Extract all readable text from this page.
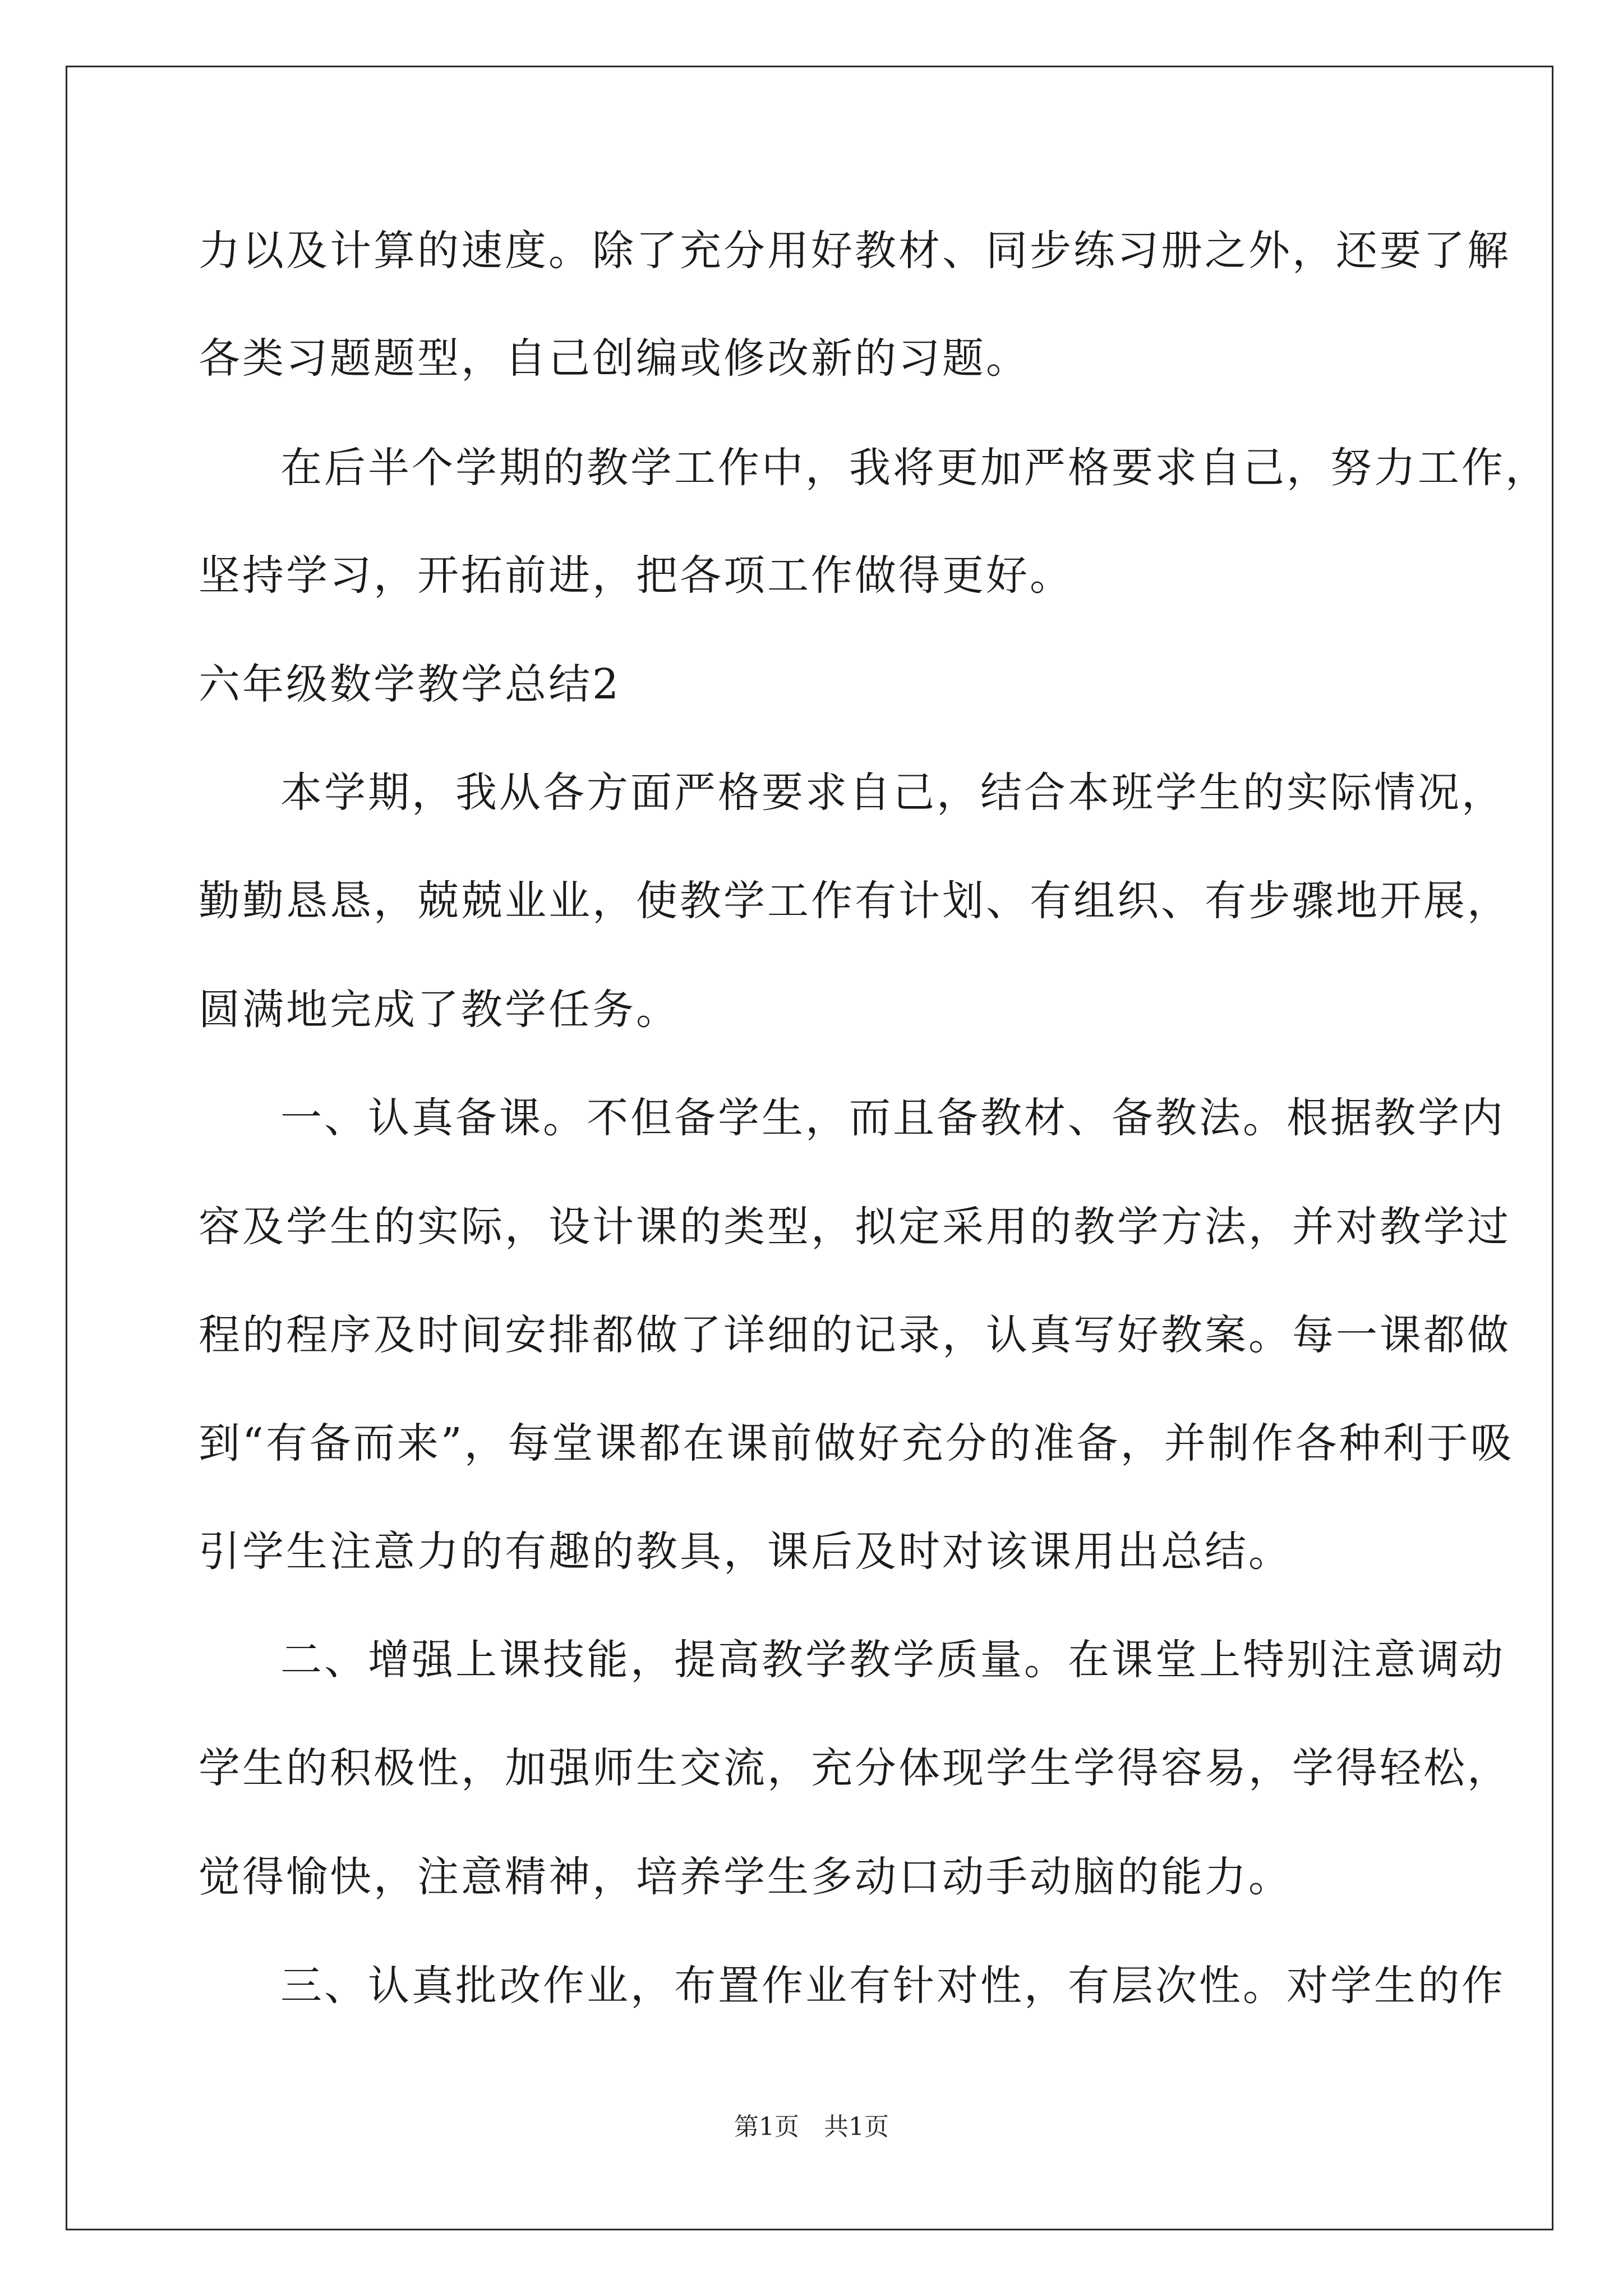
力以及计算的速度。除了充分用好教材、同步练习册之外，还要了解
各类习题题型，自己创编或修改新的习题。
在后半个学期的教学工作中，我将更加严格要求自己，努力工作，
坚持学习，开拓前进，把各项工作做得更好。
六年级数学教学总结2
本学期，我从各方面严格要求自己，结合本班学生的实际情况，
勤勤恳恳，兢兢业业，使教学工作有计划、有组织、有步骤地开展，
圆满地完成了教学任务。
一、认真备课。不但备学生，而且备教材、备教法。根据教学内
容及学生的实际，设计课的类型，拟定采用的教学方法，并对教学过
程的程序及时间安排都做了详细的记录，认真写好教案。每一课都做
到“有备而来”，每堂课都在课前做好充分的准备，并制作各种利于吸
引学生注意力的有趣的教具，课后及时对该课用出总结。
二、增强上课技能，提高教学教学质量。在课堂上特别注意调动
学生的积极性，加强师生交流，充分体现学生学得容易，学得轻松，
觉得愉快，注意精神，培养学生多动口动手动脑的能力。
三、认真批改作业，布置作业有针对性，有层次性。对学生的作
第1页　共1页
